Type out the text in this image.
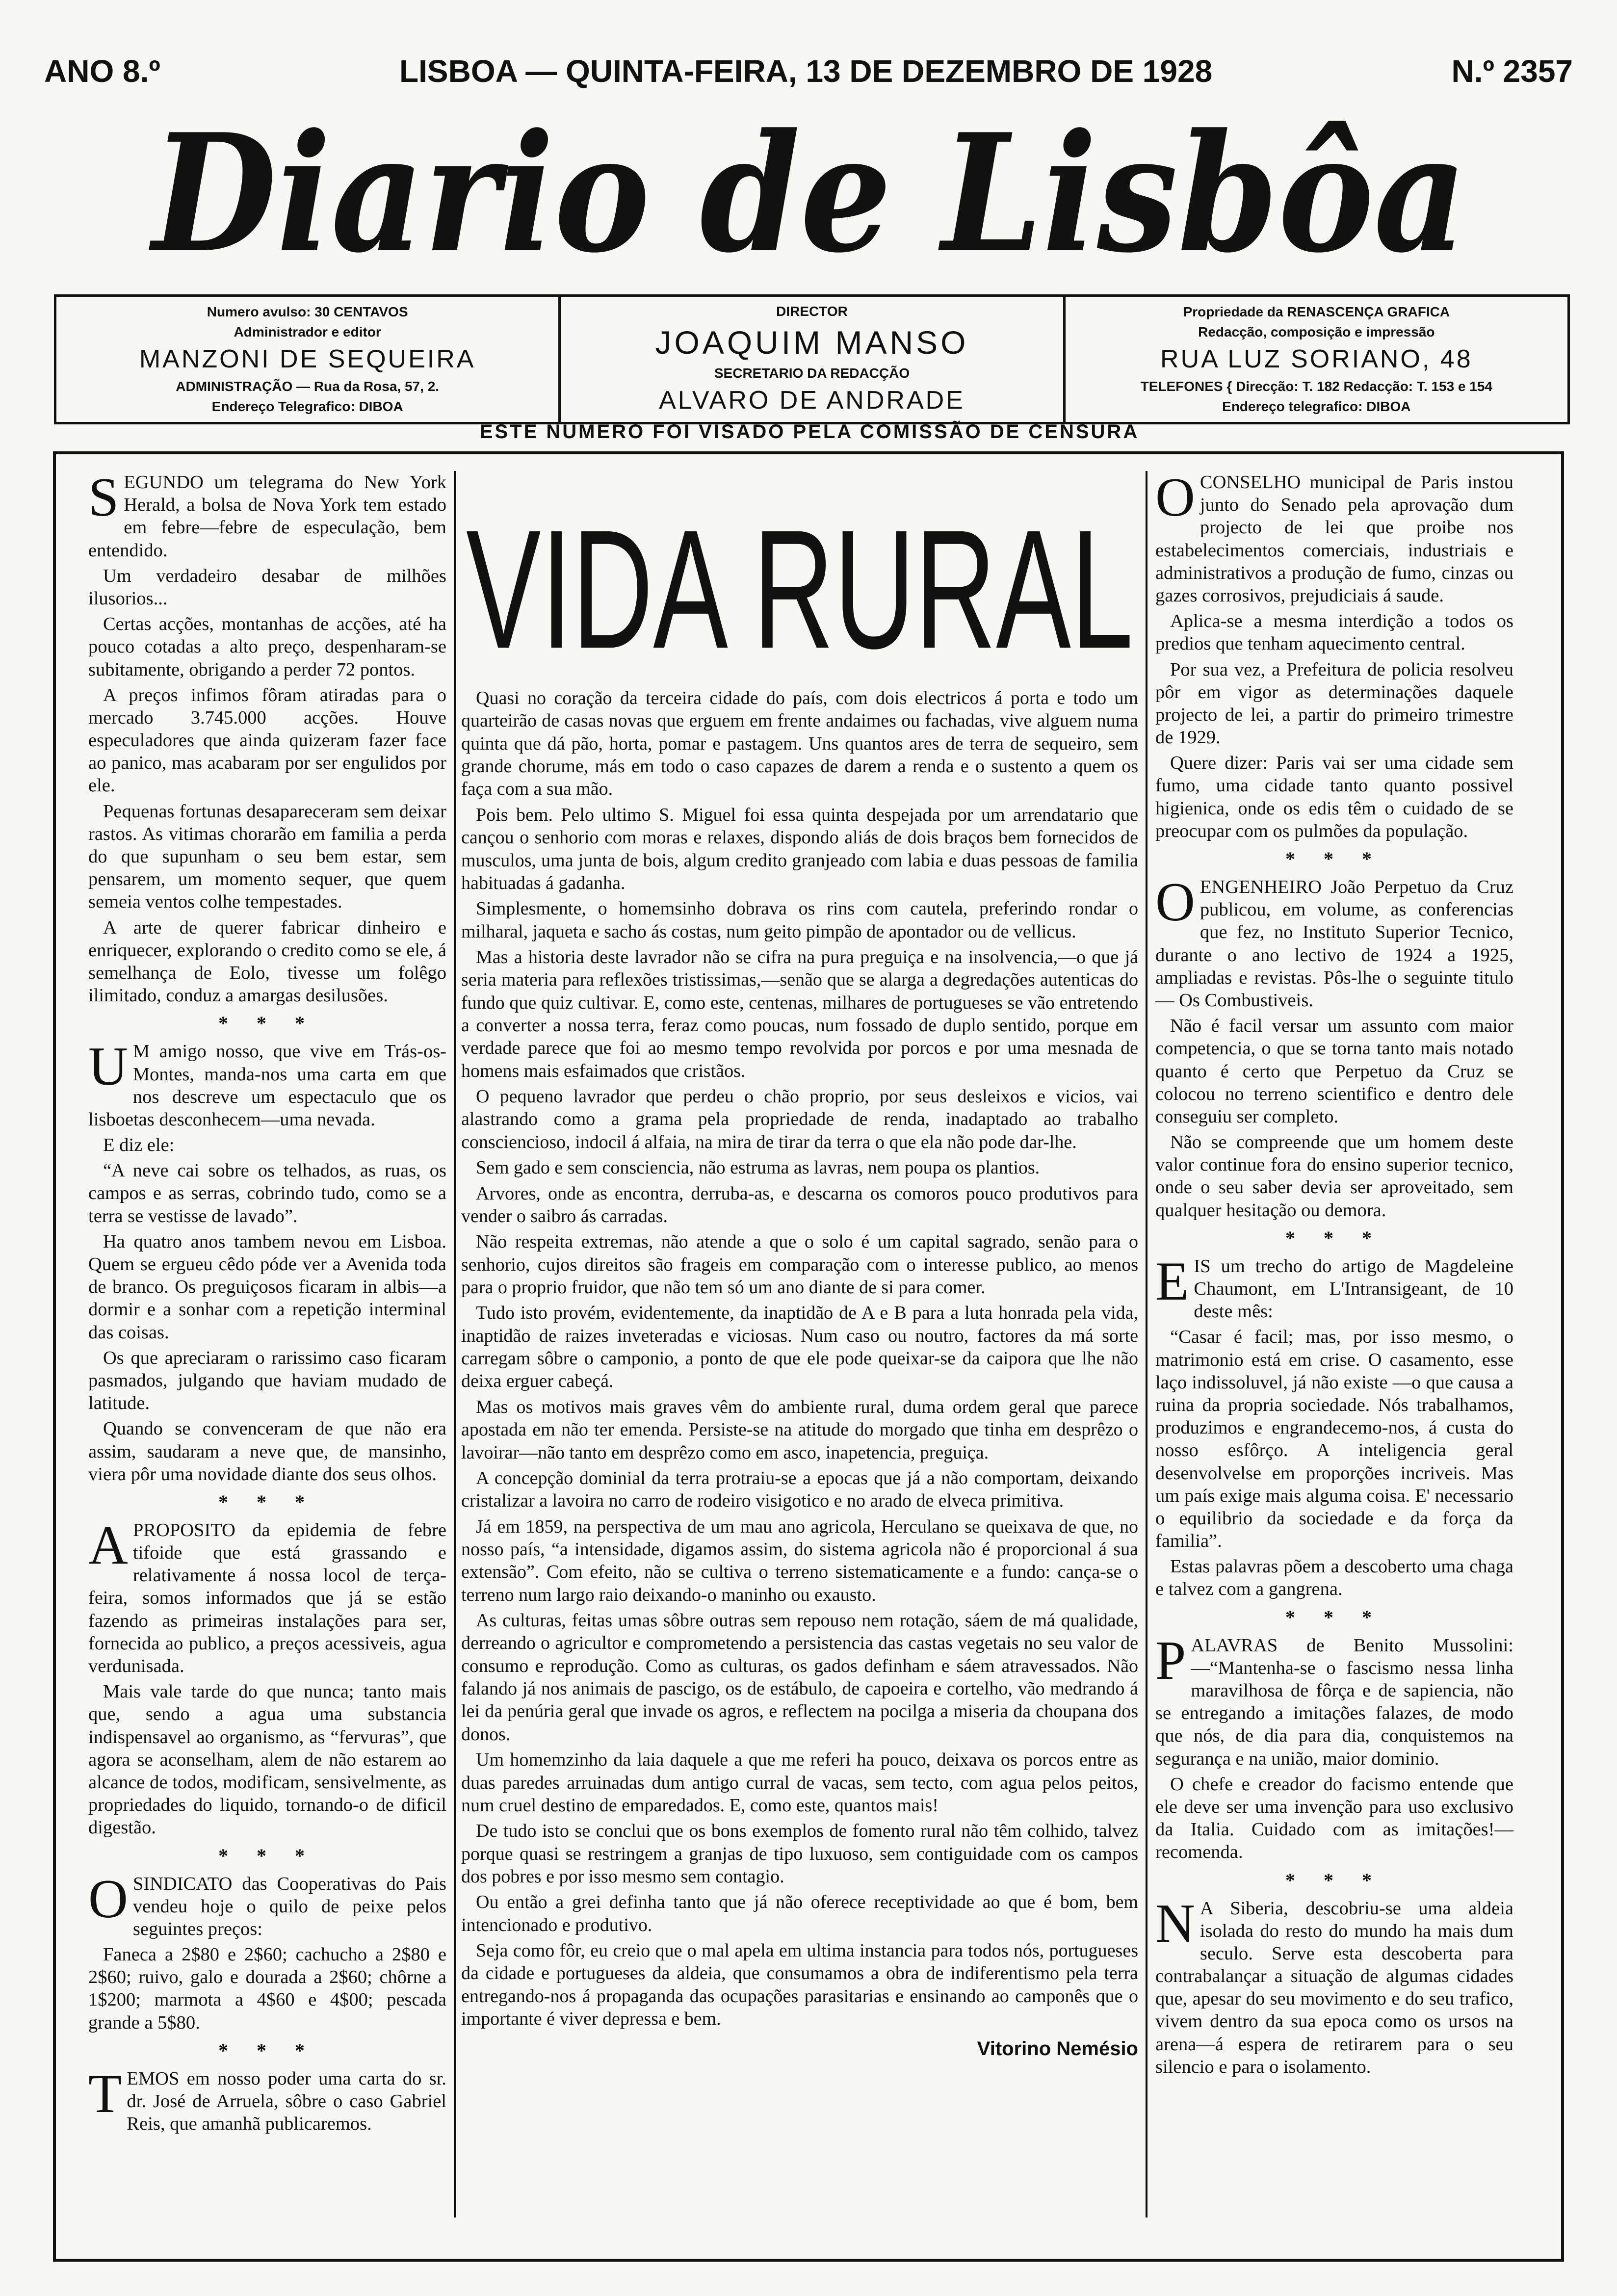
ANO 8.º	LISBOA — QUINTA-FEIRA, 13 DE DEZEMBRO DE 1928	N.º 2357
Diario de Lisbôa
Numero avulso: 30 CENTAVOS
Administrador e editor
MANZONI DE SEQUEIRA
ADMINISTRAÇÃO — Rua da Rosa, 57, 2.
Endereço Telegrafico: DIBOA
DIRECTOR
JOAQUIM MANSO
SECRETARIO DA REDACÇÃO
ALVARO DE ANDRADE
Propriedade da RENASCENÇA GRAFICA
Redacção, composição e impressão
RUA LUZ SORIANO, 48
TELEFONES { Direcção: T. 182 Redacção: T. 153 e 154
Endereço telegrafico: DIBOA
ESTE NUMERO FOI VISADO PELA COMISSÃO DE CENSURA

SEGUNDO um telegrama do New York Herald, a bolsa de Nova York tem estado em febre—febre de especulação, bem entendido.

Um verdadeiro desabar de milhões ilusorios...

Certas acções, montanhas de acções, até ha pouco cotadas a alto preço, despenharam-se subitamente, obrigando a perder 72 pontos.

A preços infimos fôram atiradas para o mercado 3.745.000 acções. Houve especuladores que ainda quizeram fazer face ao panico, mas acabaram por ser engulidos por ele.

Pequenas fortunas desapareceram sem deixar rastos. As vitimas chorarão em familia a perda do que supunham o seu bem estar, sem pensarem, um momento sequer, que quem semeia ventos colhe tempestades.

A arte de querer fabricar dinheiro e enriquecer, explorando o credito como se ele, á semelhança de Eolo, tivesse um folêgo ilimitado, conduz a amargas desilusões.

* * *

U M amigo nosso, que vive em Trás-os-Montes, manda-nos uma carta em que nos descreve um espectaculo que os lisboetas desconhecem—uma nevada.

E diz ele:

“A neve cai sobre os telhados, as ruas, os campos e as serras, cobrindo tudo, como se a terra se vestisse de lavado”.

Ha quatro anos tambem nevou em Lisboa. Quem se ergueu cêdo póde ver a Avenida toda de branco. Os preguiçosos ficaram in albis—a dormir e a sonhar com a repetição interminal das coisas.

Os que apreciaram o rarissimo caso ficaram pasmados, julgando que haviam mudado de latitude.

Quando se convenceram de que não era assim, saudaram a neve que, de mansinho, viera pôr uma novidade diante dos seus olhos.

* * *

APROPOSITO da epidemia de febre tifoide que está grassando e relativamente á nossa locol de terça-feira, somos informados que já se estão fazendo as primeiras instalações para ser, fornecida ao publico, a preços acessiveis, agua verdunisada.

Mais vale tarde do que nunca; tanto mais que, sendo a agua uma substancia indispensavel ao organismo, as “fervuras”, que agora se aconselham, alem de não estarem ao alcance de todos, modificam, sensivelmente, as propriedades do liquido, tornando-o de dificil digestão.

* * *

OSINDICATO das Cooperativas do Pais vendeu hoje o quilo de peixe pelos seguintes preços:

Faneca a 2$80 e 2$60; cachucho a 2$80 e 2$60; ruivo, galo e dourada a 2$60; chôrne a 1$200; marmota a 4$60 e 4$00; pescada grande a 5$80.

* * *

TEMOS em nosso poder uma carta do sr. dr. José de Arruela, sôbre o caso Gabriel Reis, que amanhã publicaremos.

VIDA RURAL

Quasi no coração da terceira cidade do país, com dois electricos á porta e todo um quarteirão de casas novas que erguem em frente andaimes ou fachadas, vive alguem numa quinta que dá pão, horta, pomar e pastagem. Uns quantos ares de terra de sequeiro, sem grande chorume, más em todo o caso capazes de darem a renda e o sustento a quem os faça com a sua mão.

Pois bem. Pelo ultimo S. Miguel foi essa quinta despejada por um arrendatario que cançou o senhorio com moras e relaxes, dispondo aliás de dois braços bem fornecidos de musculos, uma junta de bois, algum credito granjeado com labia e duas pessoas de familia habituadas á gadanha.

Simplesmente, o homemsinho dobrava os rins com cautela, preferindo rondar o milharal, jaqueta e sacho ás costas, num geito pimpão de apontador ou de vellicus.

Mas a historia deste lavrador não se cifra na pura preguiça e na insolvencia,—o que já seria materia para reflexões tristissimas,—senão que se alarga a degredações autenticas do fundo que quiz cultivar. E, como este, centenas, milhares de portugueses se vão entretendo a converter a nossa terra, feraz como poucas, num fossado de duplo sentido, porque em verdade parece que foi ao mesmo tempo revolvida por porcos e por uma mesnada de homens mais esfaimados que cristãos.

O pequeno lavrador que perdeu o chão proprio, por seus desleixos e vicios, vai alastrando como a grama pela propriedade de renda, inadaptado ao trabalho consciencioso, indocil á alfaia, na mira de tirar da terra o que ela não pode dar-lhe.

Sem gado e sem consciencia, não estruma as lavras, nem poupa os plantios.

Arvores, onde as encontra, derruba-as, e descarna os comoros pouco produtivos para vender o saibro ás carradas.

Não respeita extremas, não atende a que o solo é um capital sagrado, senão para o senhorio, cujos direitos são frageis em comparação com o interesse publico, ao menos para o proprio fruidor, que não tem só um ano diante de si para comer.

Tudo isto provém, evidentemente, da inaptidão de A e B para a luta honrada pela vida, inaptidão de raizes inveteradas e viciosas. Num caso ou noutro, factores da má sorte carregam sôbre o camponio, a ponto de que ele pode queixar-se da caipora que lhe não deixa erguer cabeçá.

Mas os motivos mais graves vêm do ambiente rural, duma ordem geral que parece apostada em não ter emenda. Persiste-se na atitude do morgado que tinha em desprêzo o lavoirar—não tanto em desprêzo como em asco, inapetencia, preguiça.

A concepção dominial da terra protraiu-se a epocas que já a não comportam, deixando cristalizar a lavoira no carro de rodeiro visigotico e no arado de elveca primitiva.

Já em 1859, na perspectiva de um mau ano agricola, Herculano se queixava de que, no nosso país, “a intensidade, digamos assim, do sistema agricola não é proporcional á sua extensão”. Com efeito, não se cultiva o terreno sistematicamente e a fundo: cança-se o terreno num largo raio deixando-o maninho ou exausto.

As culturas, feitas umas sôbre outras sem repouso nem rotação, sáem de má qualidade, derreando o agricultor e comprometendo a persistencia das castas vegetais no seu valor de consumo e reprodução. Como as culturas, os gados definham e sáem atravessados. Não falando já nos animais de pascigo, os de estábulo, de capoeira e cortelho, vão medrando á lei da penúria geral que invade os agros, e reflectem na pocilga a miseria da choupana dos donos.

Um homemzinho da laia daquele a que me referi ha pouco, deixava os porcos entre as duas paredes arruinadas dum antigo curral de vacas, sem tecto, com agua pelos peitos, num cruel destino de emparedados. E, como este, quantos mais!

De tudo isto se conclui que os bons exemplos de fomento rural não têm colhido, talvez porque quasi se restringem a granjas de tipo luxuoso, sem contiguidade com os campos dos pobres e por isso mesmo sem contagio.

Ou então a grei definha tanto que já não oferece receptividade ao que é bom, bem intencionado e produtivo.

Seja como fôr, eu creio que o mal apela em ultima instancia para todos nós, portugueses da cidade e portugueses da aldeia, que consumamos a obra de indiferentismo pela terra entregando-nos á propaganda das ocupações parasitarias e ensinando ao camponês que o importante é viver depressa e bem.

Vitorino Nemésio

OCONSELHO municipal de Paris instou junto do Senado pela aprovação dum projecto de lei que proibe nos estabelecimentos comerciais, industriais e administrativos a produção de fumo, cinzas ou gazes corrosivos, prejudiciais á saude.

Aplica-se a mesma interdição a todos os predios que tenham aquecimento central.

Por sua vez, a Prefeitura de policia resolveu pôr em vigor as determinações daquele projecto de lei, a partir do primeiro trimestre de 1929.

Quere dizer: Paris vai ser uma cidade sem fumo, uma cidade tanto quanto possivel higienica, onde os edis têm o cuidado de se preocupar com os pulmões da população.

* * *

OENGENHEIRO João Perpetuo da Cruz publicou, em volume, as conferencias que fez, no Instituto Superior Tecnico, durante o ano lectivo de 1924 a 1925, ampliadas e revistas. Pôs-lhe o seguinte titulo — Os Combustiveis.

Não é facil versar um assunto com maior competencia, o que se torna tanto mais notado quanto é certo que Perpetuo da Cruz se colocou no terreno scientifico e dentro dele conseguiu ser completo.

Não se compreende que um homem deste valor continue fora do ensino superior tecnico, onde o seu saber devia ser aproveitado, sem qualquer hesitação ou demora.

* * *

EIS um trecho do artigo de Magdeleine Chaumont, em L'Intransigeant, de 10 deste mês:

“Casar é facil; mas, por isso mesmo, o matrimonio está em crise. O casamento, esse laço indissoluvel, já não existe —o que causa a ruina da propria sociedade. Nós trabalhamos, produzimos e engrandecemo-nos, á custa do nosso esfôrço. A inteligencia geral desenvolvelse em proporções incriveis. Mas um país exige mais alguma coisa. E' necessario o equilibrio da sociedade e da força da familia”.

Estas palavras põem a descoberto uma chaga e talvez com a gangrena.

* * *

PALAVRAS de Benito Mussolini: —“Mantenha-se o fascismo nessa linha maravilhosa de fôrça e de sapiencia, não se entregando a imitações falazes, de modo que nós, de dia para dia, conquistemos na segurança e na união, maior dominio.

O chefe e creador do facismo entende que ele deve ser uma invenção para uso exclusivo da Italia. Cuidado com as imitações!—recomenda.

* * *

N A Siberia, descobriu-se uma aldeia isolada do resto do mundo ha mais dum seculo. Serve esta descoberta para contrabalançar a situação de algumas cidades que, apesar do seu movimento e do seu trafico, vivem dentro da sua epoca como os ursos na arena—á espera de retirarem para o seu silencio e para o isolamento.
